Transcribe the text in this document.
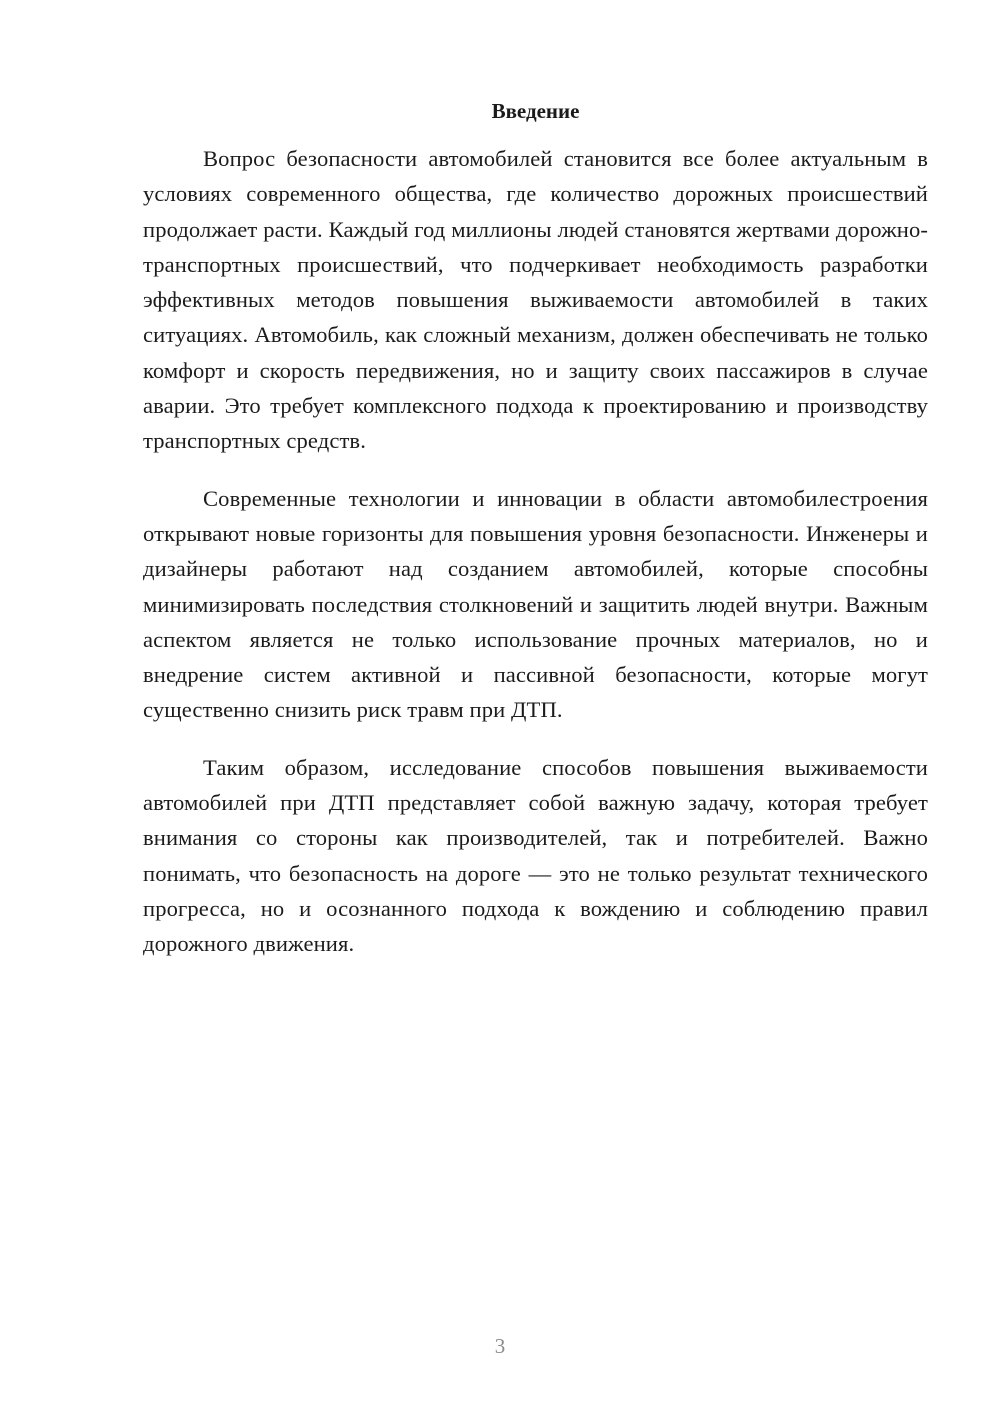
Введение

Вопрос безопасности автомобилей становится все более актуальным в условиях современного общества, где количество дорожных происшествий продолжает расти. Каждый год миллионы людей становятся жертвами дорожно-транспортных происшествий, что подчеркивает необходимость разработки эффективных методов повышения выживаемости автомобилей в таких ситуациях. Автомобиль, как сложный механизм, должен обеспечивать не только комфорт и скорость передвижения, но и защиту своих пассажиров в случае аварии. Это требует комплексного подхода к проектированию и производству транспортных средств.

Современные технологии и инновации в области автомобилестроения открывают новые горизонты для повышения уровня безопасности. Инженеры и дизайнеры работают над созданием автомобилей, которые способны минимизировать последствия столкновений и защитить людей внутри. Важным аспектом является не только использование прочных материалов, но и внедрение систем активной и пассивной безопасности, которые могут существенно снизить риск травм при ДТП.

Таким образом, исследование способов повышения выживаемости автомобилей при ДТП представляет собой важную задачу, которая требует внимания со стороны как производителей, так и потребителей. Важно понимать, что безопасность на дороге — это не только результат технического прогресса, но и осознанного подхода к вождению и соблюдению правил дорожного движения.

3
